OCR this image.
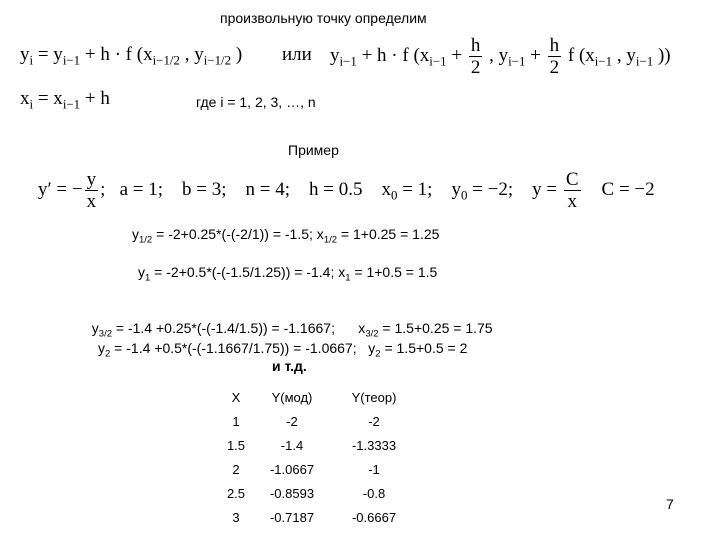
произвольную точку определим
$y_i = y_{i-1} + h \cdot f$ ($x_{i-1/2}$ , $y_{i-1/2}$ ) или $y_{i-1} + h \cdot f$ ($x_{i-1} + \frac{h}{2}$ , $y_{i-1} + \frac{h}{2}$ f ($x_{i-1}$ , $y_{i-1}$ ))
$x_i = x_{i-1} + h$	где i = 1, 2, 3, …, n
Пример
y′ = − $\frac{y}{x}$ ;   a = 1;    b = 3;    n = 4;    h = 0.5    $x_0 = 1$;    $y_0 = -2$;    $y = \frac{C}{x}$ C = −2
$y_{1/2} = -2+0.25*(-(-2/1)) = -1.5$; $x_{1/2} = 1+0.25 = 1.25$
$y_1 = -2+0.5*(-(-1.5/1.25)) = -1.4$; $x_1 = 1+0.5 = 1.5$

$y_{3/2} = -1.4 +0.25*(-(-1.4/1.5)) = -1.1667$;      $x_{3/2} = 1.5+0.25 = 1.75$

$y_2 = -1.4 +0.5*(-(-1.1667/1.75)) = -1.0667$;   $y_2 = 1.5+0.5 = 2$
и т.д.
X	Y(мод)	Y(теор)
1	-2	-2
1.5	-1.4	-1.3333
2	-1.0667	-1
2.5	-0.8593	-0.8
3	-0.7187	-0.6667
7
